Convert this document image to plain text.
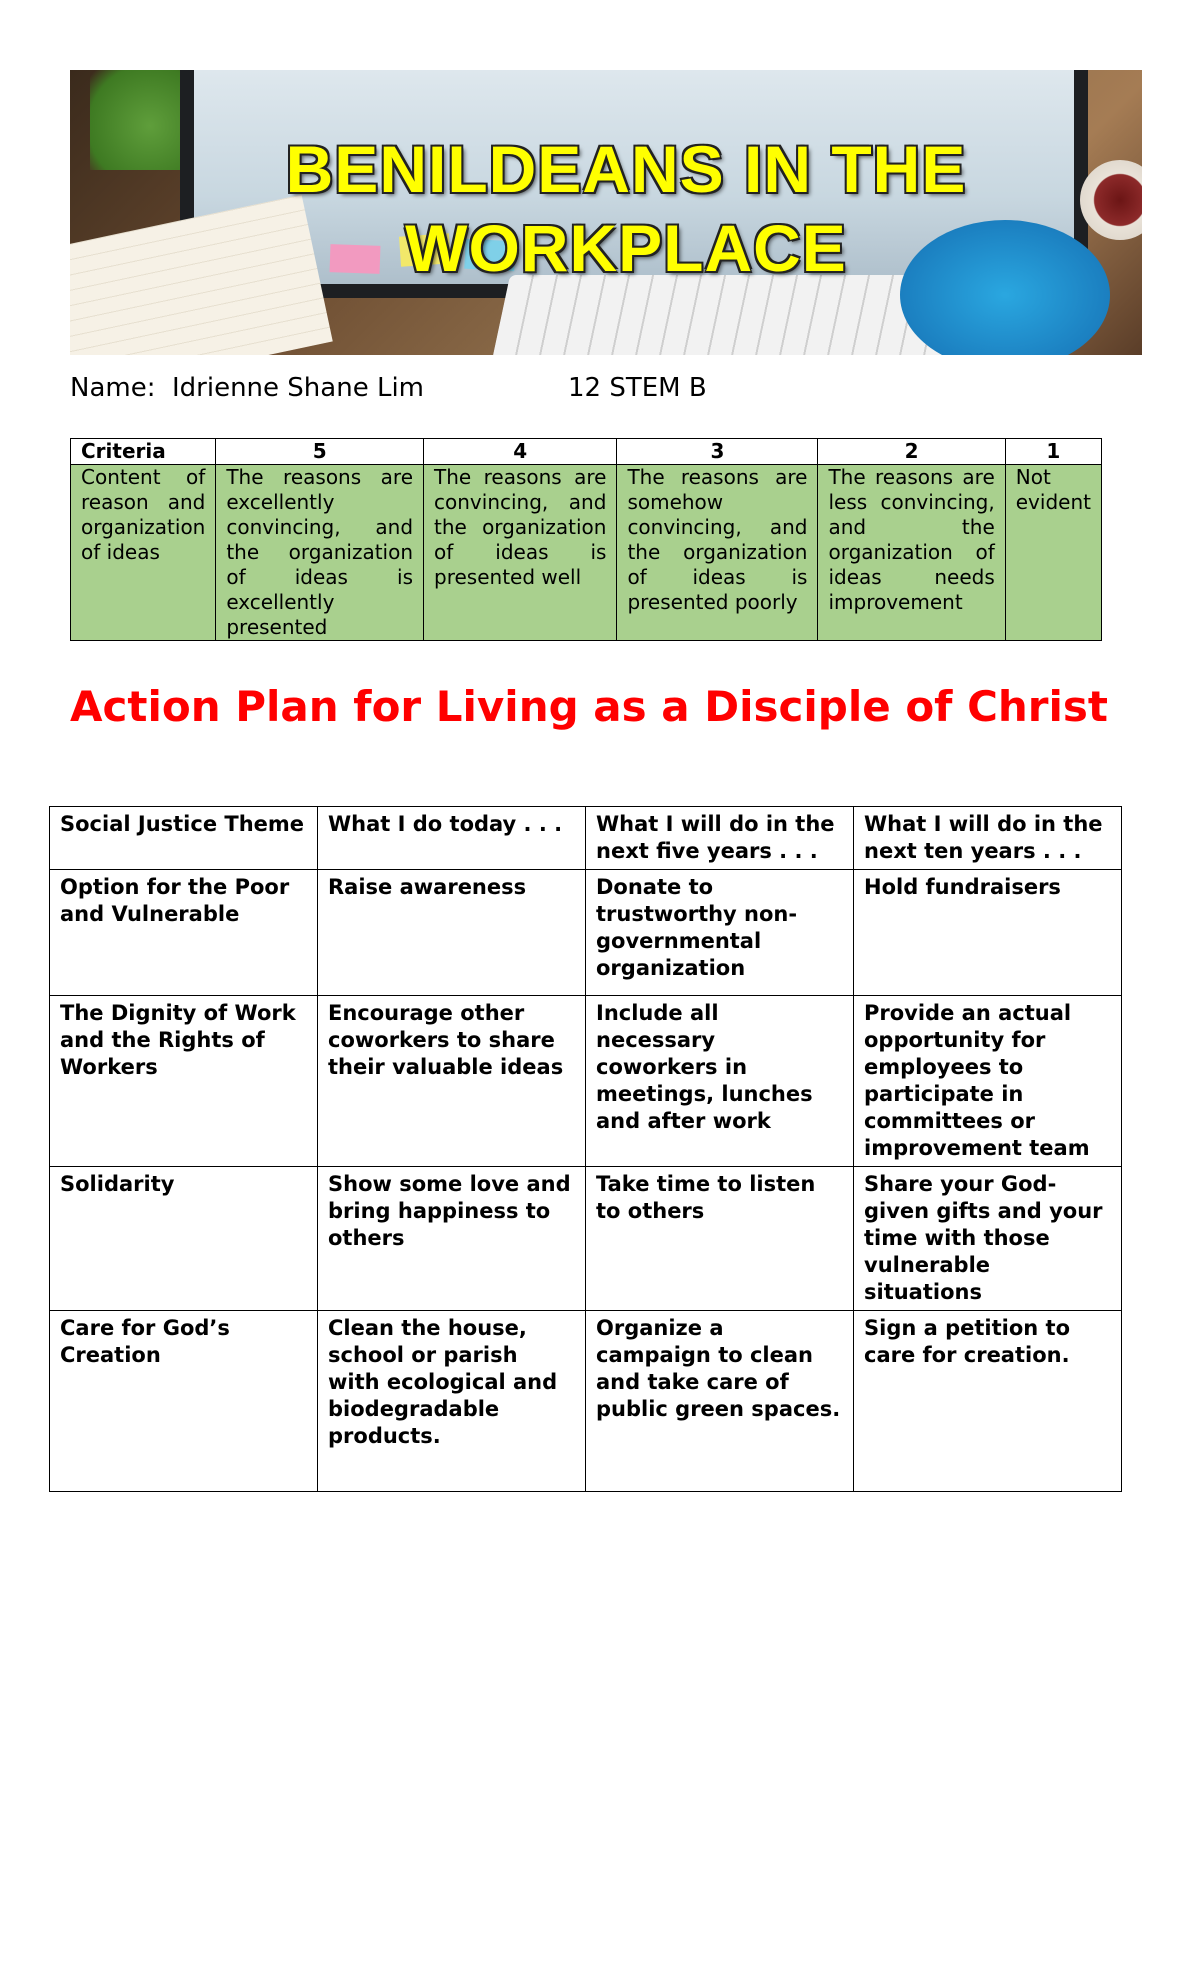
BENILDEANS IN THE
WORKPLACE
Name: Idrienne Shane Lim	12 STEM B
Criteria	5	4	3	2	1
Content of reason and organization of ideas	The reasons are excellently convincing, and the organization of ideas is excellently presented	The reasons are convincing, and the organization of ideas is presented well	The reasons are somehow convincing, and the organization of ideas is presented poorly	The reasons are less convincing, and the organization of ideas needs improvement	Not evident
Action Plan for Living as a Disciple of Christ
Social Justice Theme	What I do today . . .	What I will do in the next five years . . .	What I will do in the next ten years . . .
Option for the Poor and Vulnerable	Raise awareness	Donate to trustworthy non-governmental organization	Hold fundraisers
The Dignity of Work and the Rights of Workers	Encourage other coworkers to share their valuable ideas	Include all necessary coworkers in meetings, lunches and after work	Provide an actual opportunity for employees to participate in committees or improvement team
Solidarity	Show some love and bring happiness to others	Take time to listen to others	Share your God-given gifts and your time with those vulnerable situations
Care for God’s Creation	Clean the house, school or parish with ecological and biodegradable products.	Organize a campaign to clean and take care of public green spaces.	Sign a petition to care for creation.
